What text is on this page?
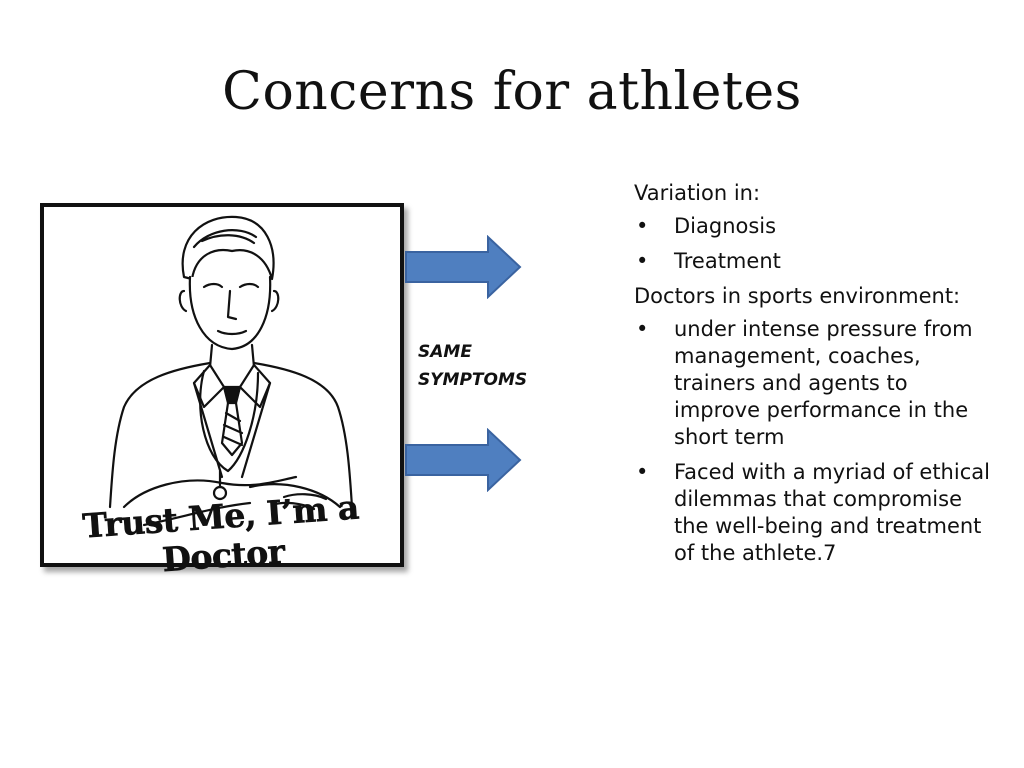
Concerns for athletes
Trust Me, I’m a Doctor
SAME
SYMPTOMS
Variation in:
• Diagnosis
• Treatment
Doctors in sports environment:
• under intense pressure from management, coaches, trainers and agents to improve performance in the short term
• Faced with a myriad of ethical dilemmas that compromise the well-being and treatment of the athlete.7
